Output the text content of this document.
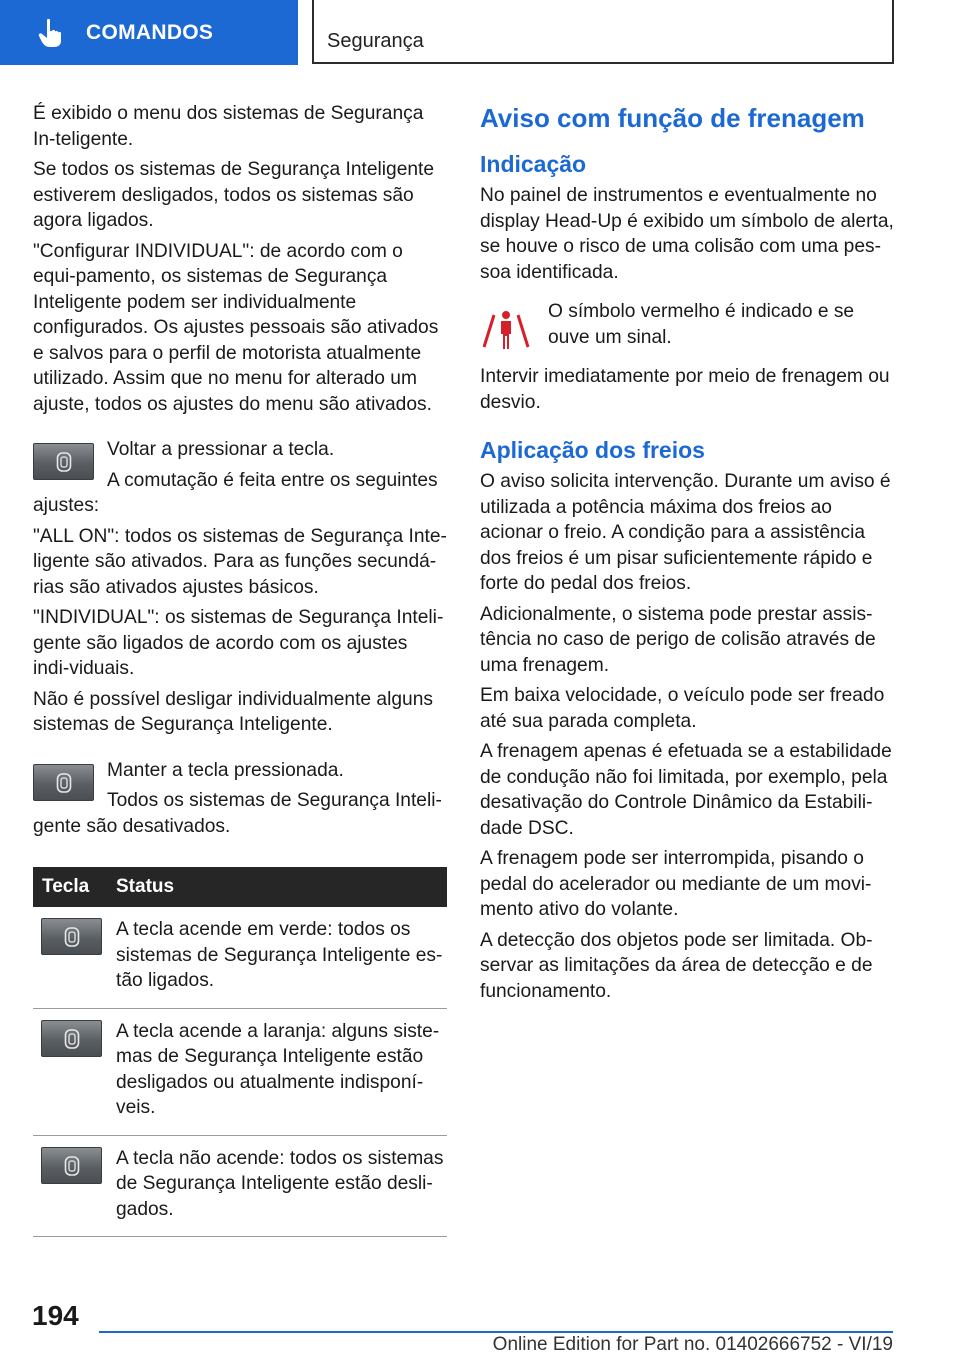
COMANDOS	Segurança

É exibido o menu dos sistemas de Segurança In-teligente.

Se todos os sistemas de Segurança Inteligente estiverem desligados, todos os sistemas são agora ligados.

"Configurar INDIVIDUAL": de acordo com o equi-pamento, os sistemas de Segurança Inteligente podem ser individualmente configurados. Os ajustes pessoais são ativados e salvos para o perfil de motorista atualmente utilizado. Assim que no menu for alterado um ajuste, todos os ajustes do menu são ativados.

Voltar a pressionar a tecla.

A comutação é feita entre os seguintes ajustes:

"ALL ON": todos os sistemas de Segurança Inte-ligente são ativados. Para as funções secundá-rias são ativados ajustes básicos.

"INDIVIDUAL": os sistemas de Segurança Inteli-gente são ligados de acordo com os ajustes indi-viduais.

Não é possível desligar individualmente alguns sistemas de Segurança Inteligente.

Manter a tecla pressionada.

Todos os sistemas de Segurança Inteli-gente são desativados.

Tecla	Status

A tecla acende em verde: todos os sistemas de Segurança Inteligente es-tão ligados.

A tecla acende a laranja: alguns siste-mas de Segurança Inteligente estão desligados ou atualmente indisponí-veis.

A tecla não acende: todos os sistemas de Segurança Inteligente estão desli-gados.

Aviso com função de frenagem
Indicação

No painel de instrumentos e eventualmente no display Head-Up é exibido um símbolo de alerta, se houve o risco de uma colisão com uma pes-soa identificada.

O símbolo vermelho é indicado e se ouve um sinal.

Intervir imediatamente por meio de frenagem ou desvio.

Aplicação dos freios

O aviso solicita intervenção. Durante um aviso é utilizada a potência máxima dos freios ao acionar o freio. A condição para a assistência dos freios é um pisar suficientemente rápido e forte do pedal dos freios.

Adicionalmente, o sistema pode prestar assis-tência no caso de perigo de colisão através de uma frenagem.

Em baixa velocidade, o veículo pode ser freado até sua parada completa.

A frenagem apenas é efetuada se a estabilidade de condução não foi limitada, por exemplo, pela desativação do Controle Dinâmico da Estabili-dade DSC.

A frenagem pode ser interrompida, pisando o pedal do acelerador ou mediante de um movi-mento ativo do volante.

A detecção dos objetos pode ser limitada. Ob-servar as limitações da área de detecção e de funcionamento.

194
Online Edition for Part no. 01402666752 - VI/19
